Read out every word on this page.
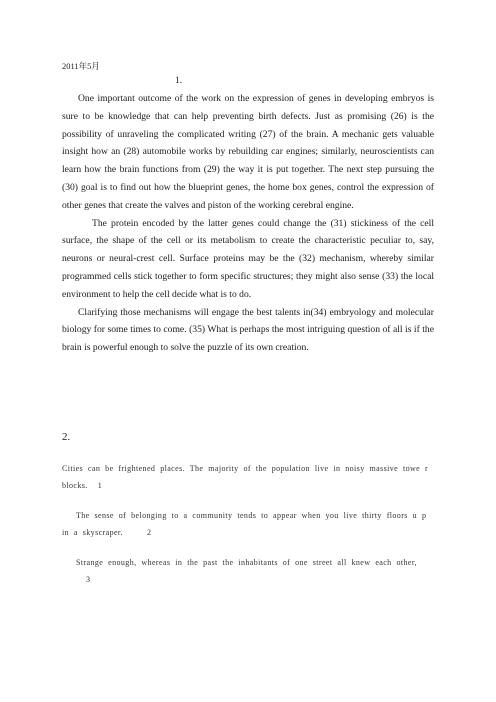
2011年5月
1.

One important outcome of the work on the expression of genes in developing embryos is sure to be knowledge that can help preventing birth defects. Just as promising (26) is the possibility of unraveling the complicated writing (27) of the brain. A mechanic gets valuable insight how an (28) automobile works by rebuilding car engines; similarly, neuroscientists can learn how the brain functions from (29) the way it is put together. The next step pursuing the (30) goal is to find out how the blueprint genes, the home box genes, control the expression of other genes that create the valves and piston of the working cerebral engine.

The protein encoded by the latter genes could change the (31) stickiness of the cell surface, the shape of the cell or its metabolism to create the characteristic peculiar to, say, neurons or neural-crest cell. Surface proteins may be the (32) mechanism, whereby similar programmed cells stick together to form specific structures; they might also sense (33) the local environment to help the cell decide what is to do.

Clarifying those mechanisms will engage the best talents in(34) embryology and molecular biology for some times to come. (35) What is perhaps the most intriguing question of all is if the brain is powerful enough to solve the puzzle of its own creation.

2.

Cities can be frightened places. The majority of the population live in noisy massive towe r blocks. 1

The sense of belonging to a community tends to appear when you live thirty floors u p in a skyscraper.	2

Strange enough, whereas in the past the inhabitants of one street all knew each other,
3
